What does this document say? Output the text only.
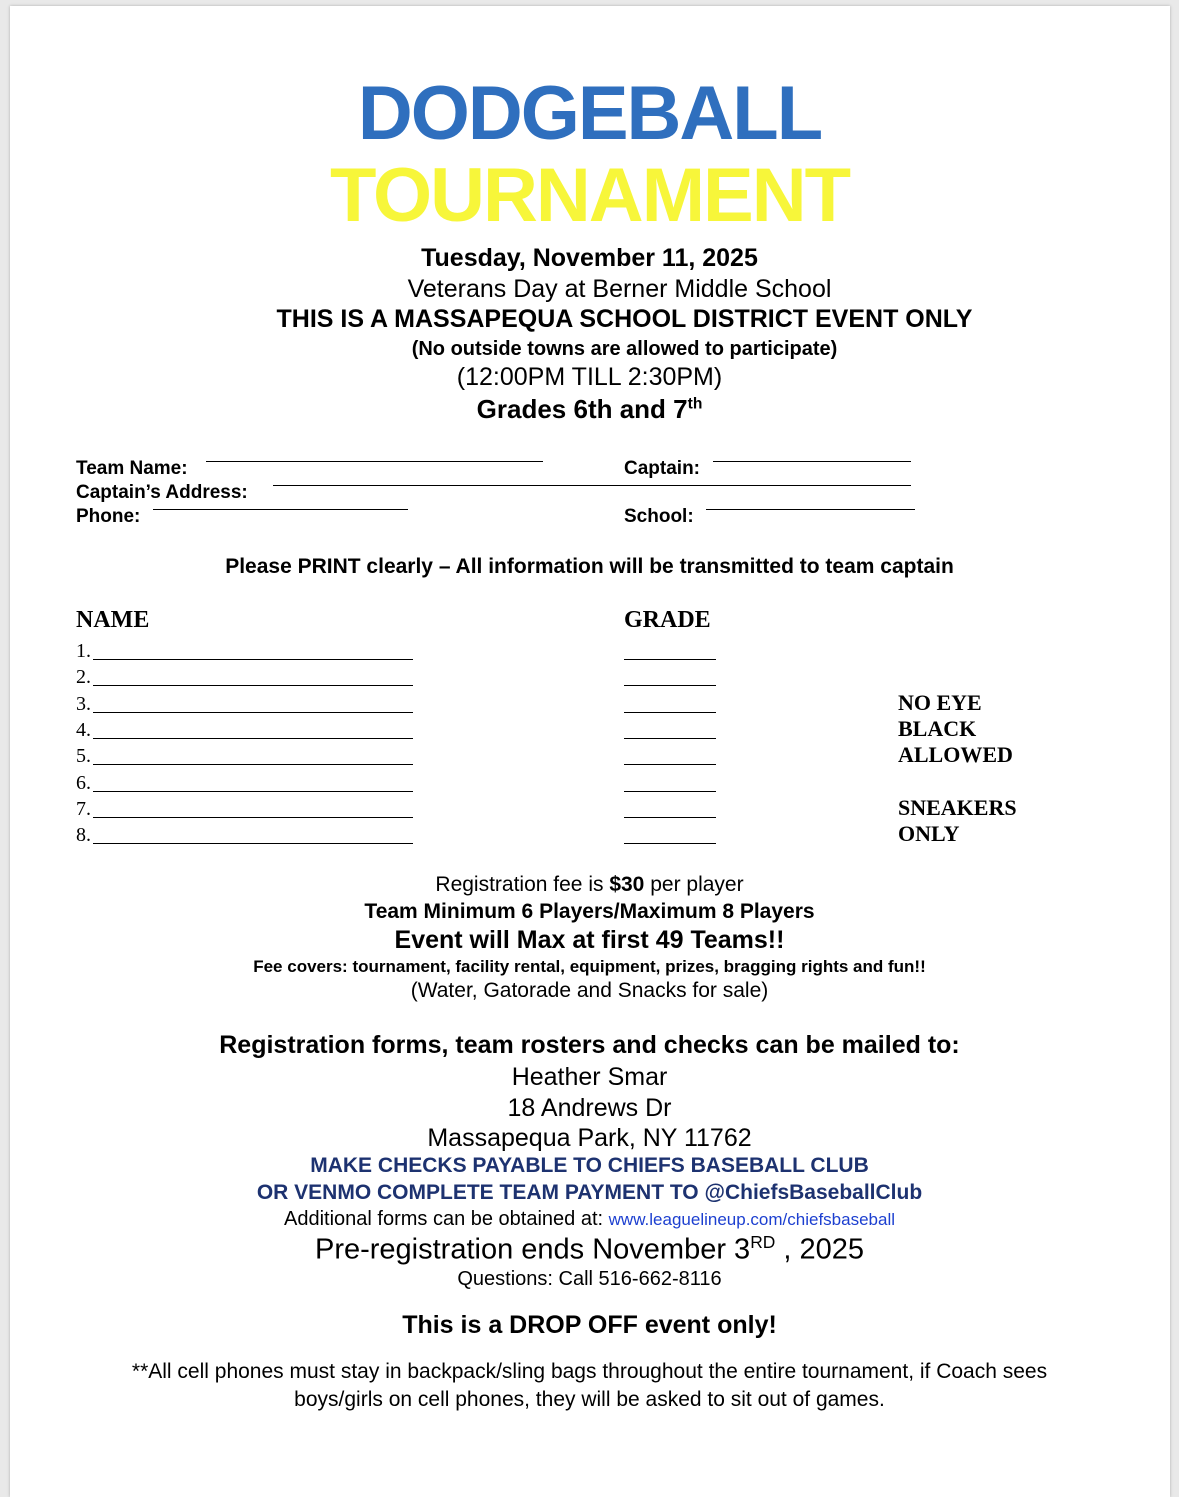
DODGEBALL
TOURNAMENT
Tuesday, November 11, 2025
Veterans Day at Berner Middle School
THIS IS A MASSAPEQUA SCHOOL DISTRICT EVENT ONLY
(No outside towns are allowed to participate)
(12:00PM TILL 2:30PM)
Grades 6th and 7th
Team Name:	Captain:
Captain’s Address:
Phone:	School:
Please PRINT clearly – All information will be transmitted to team captain
NAME	GRADE
1.
2.
3.
4.
5.
6.
7.
8.
NO EYE
BLACK
ALLOWED
SNEAKERS
ONLY
Registration fee is $30 per player
Team Minimum 6 Players/Maximum 8 Players
Event will Max at first 49 Teams!!
Fee covers: tournament, facility rental, equipment, prizes, bragging rights and fun!!
(Water, Gatorade and Snacks for sale)
Registration forms, team rosters and checks can be mailed to:
Heather Smar
18 Andrews Dr
Massapequa Park, NY 11762
MAKE CHECKS PAYABLE TO CHIEFS BASEBALL CLUB
OR VENMO COMPLETE TEAM PAYMENT TO @ChiefsBaseballClub
Additional forms can be obtained at: www.leaguelineup.com/chiefsbaseball
Pre-registration ends November 3RD , 2025
Questions: Call 516-662-8116
This is a DROP OFF event only!
**All cell phones must stay in backpack/sling bags throughout the entire tournament, if Coach sees
boys/girls on cell phones, they will be asked to sit out of games.
